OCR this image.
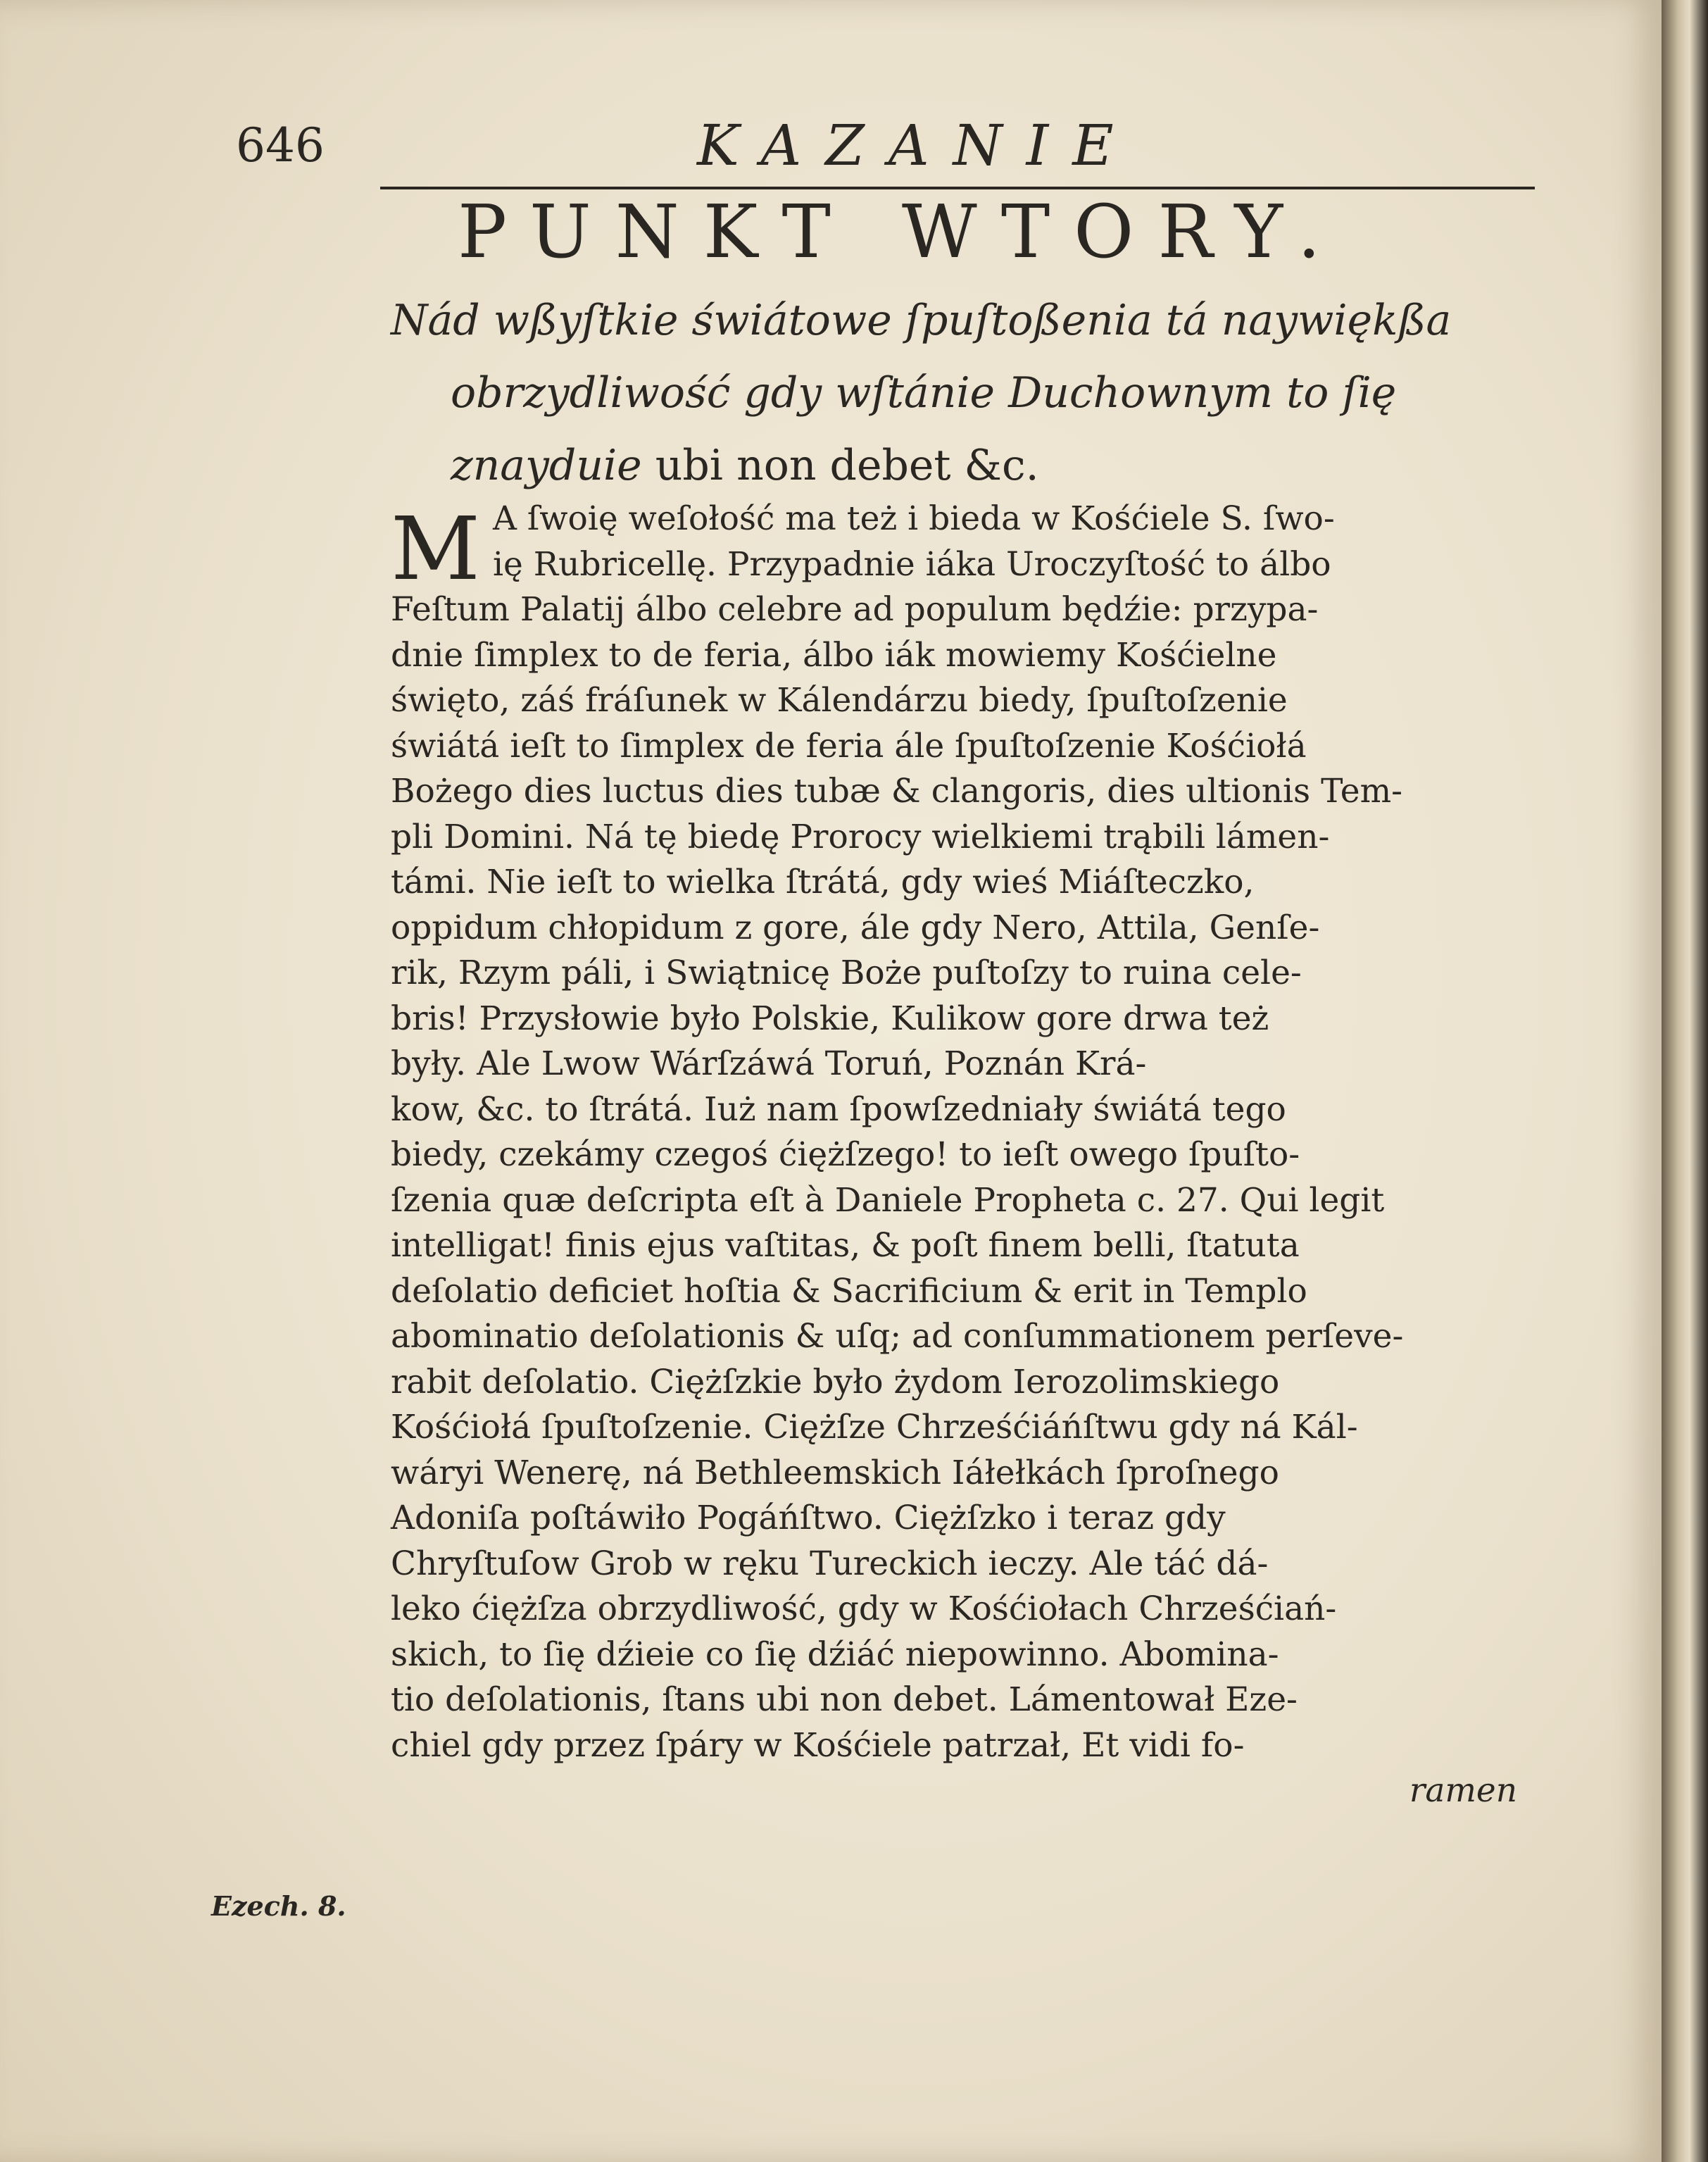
646	KAZANIE

PUNKT WTORY.

Nád wßyſtkie świátowe ſpuſtoßenia tá naywiękßa
obrzydliwość gdy wſtánie Duchownym to ſię
znayduie ubi non debet &c.

M A ſwoię weſołość ma też i bieda w Kośćiele S. ſwo-
ię Rubricellę. Przypadnie iáka Uroczyſtość to álbo
Feſtum Palatij álbo celebre ad populum będźie: przypa-
dnie ſimplex to de feria, álbo iák mowiemy Kośćielne
święto, záś fráſunek w Kálendárzu biedy, ſpuſtoſzenie
świátá ieſt to ſimplex de feria ále ſpuſtoſzenie Kośćiołá
Bożego dies luctus dies tubæ & clangoris, dies ultionis Tem-
pli Domini. Ná tę biedę Prorocy wielkiemi trąbili lámen-
támi. Nie ieſt to wielka ſtrátá, gdy wieś Miáſteczko,
oppidum chłopidum z gore, ále gdy Nero, Attila, Genſe-
rik, Rzym páli, i Swiątnicę Boże puſtoſzy to ruina cele-
bris! Przysłowie było Polskie, Kulikow gore drwa też
były. Ale Lwow Wárſzáwá Toruń, Poznán Krá-
kow, &c. to ſtrátá. Iuż nam ſpowſzedniały świátá tego
biedy, czekámy czegoś ćiężſzego! to ieſt owego ſpuſto-
ſzenia quæ deſcripta eſt à Daniele Propheta c. 27. Qui legit
intelligat! finis ejus vaſtitas, & poſt finem belli, ſtatuta
deſolatio deficiet hoſtia & Sacrificium & erit in Templo
abominatio deſolationis & uſq; ad conſummationem perſeve-
rabit deſolatio. Ciężſzkie było żydom Ierozolimskiego
Kośćiołá ſpuſtoſzenie. Ciężſze Chrześćiáńſtwu gdy ná Kál-
wáryi Wenerę, ná Bethleemskich Iáłełkách ſproſnego
Adoniſa poſtáwiło Pogáńſtwo. Ciężſzko i teraz gdy
Chryſtuſow Grob w ręku Tureckich ieczy. Ale táć dá-
leko ćiężſza obrzydliwość, gdy w Kośćiołach Chrześćiań-
skich, to ſię dźieie co ſię dźiáć niepowinno. Abomina-
tio deſolationis, ſtans ubi non debet. Lámentował Eze-
chiel gdy przez ſpáry w Kośćiele patrzał, Et vidi fo-
ramen

Ezech. 8.
